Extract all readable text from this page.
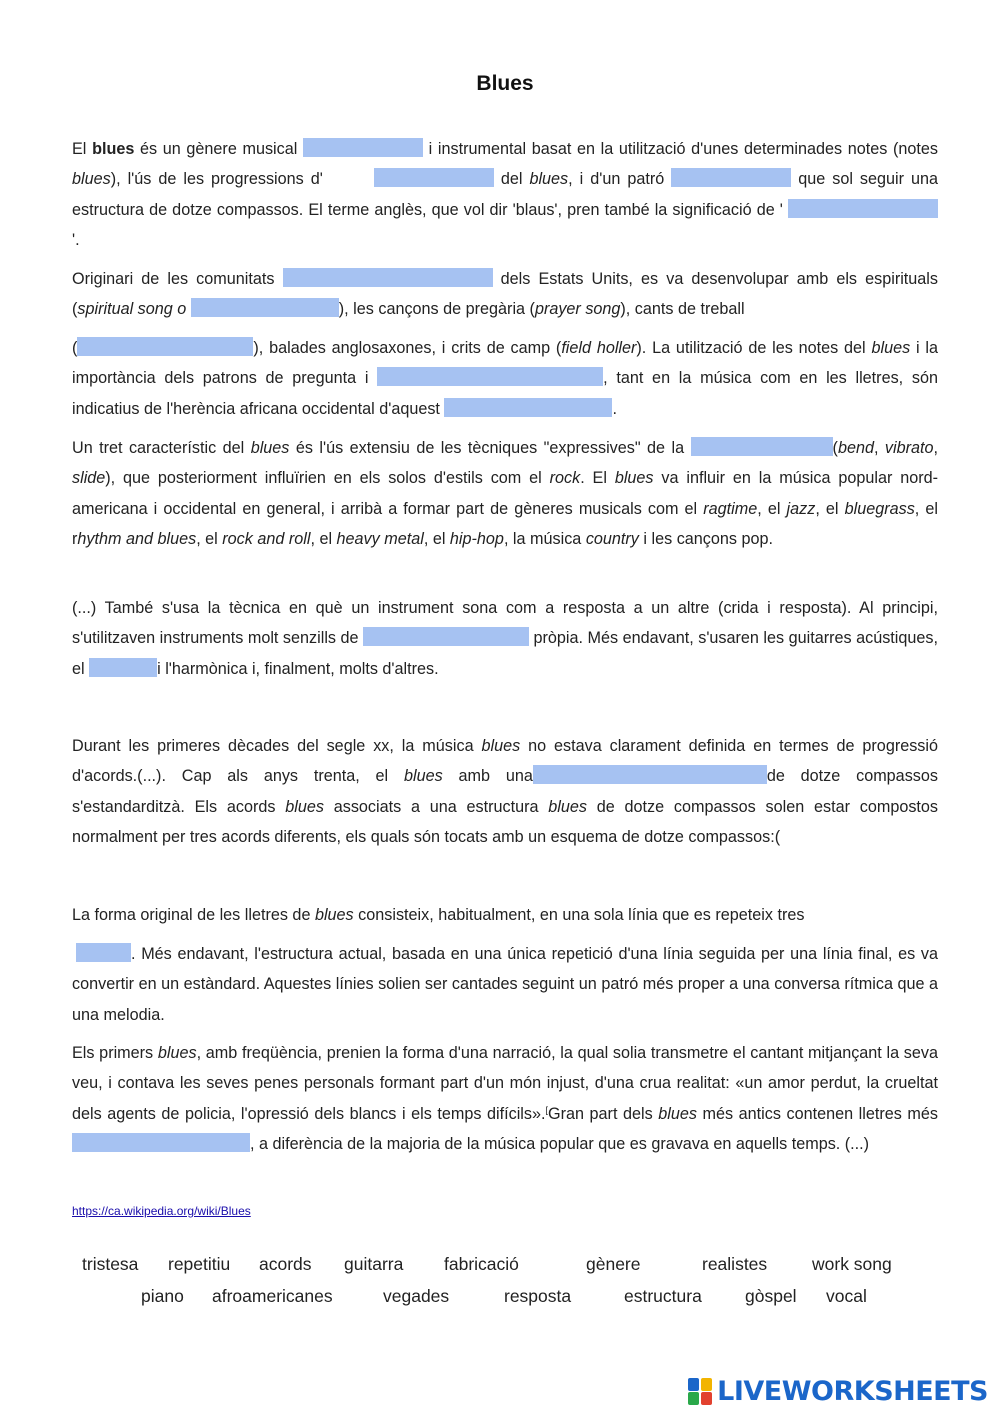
Blues

El blues és un gènere musical	i instrumental basat en la utilització d'unes determinades notes (notes blues), l'ús de les progressions d'	del blues, i d'un patró	que sol seguir una estructura de dotze compassos. El terme anglès, que vol dir 'blaus', pren també la significació de '  '.

Originari de les comunitats	dels Estats Units, es va desenvolupar amb els espirituals (spiritual song o	), les cançons de pregària (prayer song), cants de treball

(	), balades anglosaxones, i crits de camp (field holler). La utilització de les notes del blues i la importància dels patrons de pregunta i	, tant en la música com en les lletres, són indicatius de l'herència africana occidental d'aquest	.

Un tret característic del blues és l'ús extensiu de les tècniques "expressives" de la	(bend, vibrato, slide), que posteriorment influïrien en els solos d'estils com el rock. El blues va influir en la música popular nord-americana i occidental en general, i arribà a formar part de gèneres musicals com el ragtime, el jazz, el bluegrass, el rhythm and blues, el rock and roll, el heavy metal, el hip-hop, la música country i les cançons pop.

(...) També s'usa la tècnica en què un instrument sona com a resposta a un altre (crida i resposta). Al principi, s'utilitzaven instruments molt senzills de	pròpia. Més endavant, s'usaren les guitarres acústiques, el	i l'harmònica i, finalment, molts d'altres.

Durant les primeres dècades del segle xx, la música blues no estava clarament definida en termes de progressió d'acords.(...). Cap als anys trenta, el blues amb una	de dotze compassos s'estandarditzà. Els acords blues associats a una estructura blues de dotze compassos solen estar compostos normalment per tres acords diferents, els quals són tocats amb un esquema de dotze compassos:(

La forma original de les lletres de blues consisteix, habitualment, en una sola línia que es repeteix tres

. Més endavant, l'estructura actual, basada en una única repetició d'una línia seguida per una línia final, es va convertir en un estàndard. Aquestes línies solien ser cantades seguint un patró més proper a una conversa rítmica que a una melodia.

Els primers blues, amb freqüència, prenien la forma d'una narració, la qual solia transmetre el cantant mitjançant la seva veu, i contava les seves penes personals formant part d'un món injust, d'una crua realitat: «un amor perdut, la crueltat dels agents de policia, l'opressió dels blancs i els temps difícils».[Gran part dels blues més antics contenen lletres més , a diferència de la majoria de la música popular que es gravava en aquells temps. (...)

https://ca.wikipedia.org/wiki/Blues
tristesa repetitiu acords guitarra fabricació	gènere	realistes	work song
piano afroamericanes	vegades	resposta	estructura gòspel vocal
LIVEWORKSHEETS
